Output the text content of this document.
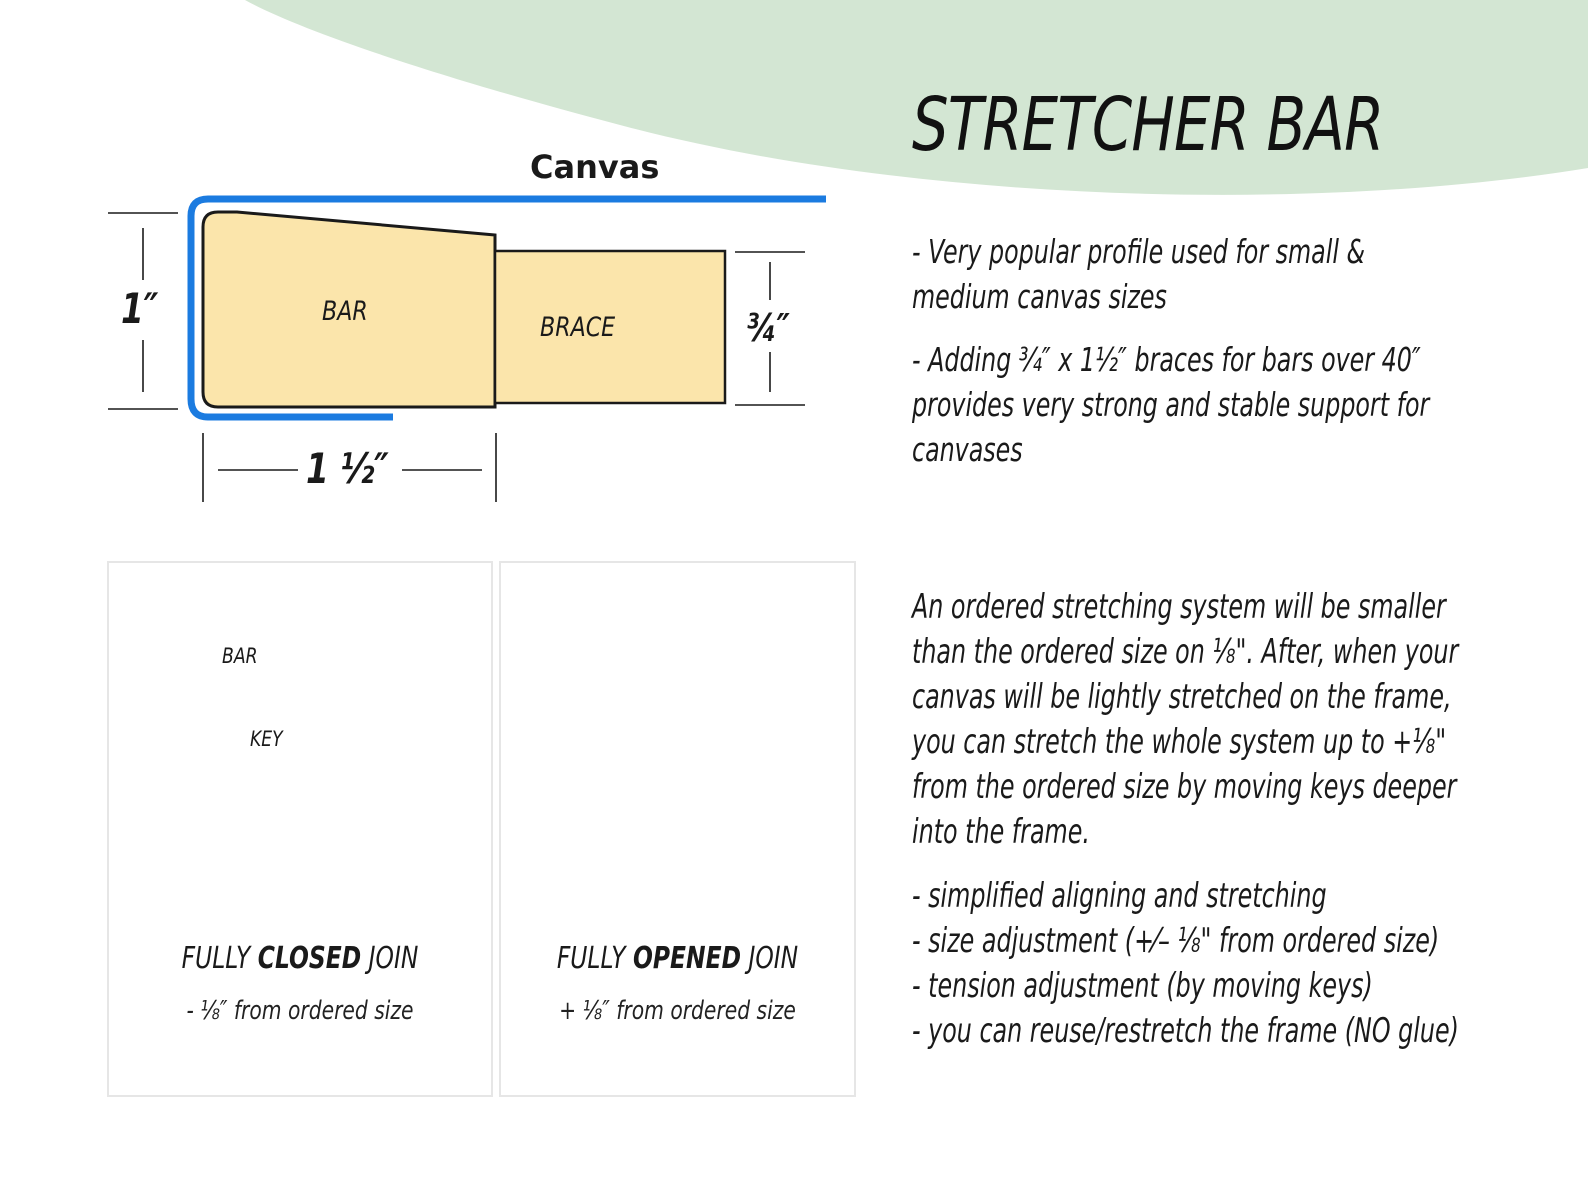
Canvas
BAR
BRACE
1″
1 ½″
¾″
STRETCHER BAR
- Very popular profile used for small &
medium canvas sizes
- Adding ¾″ x 1½″ braces for bars over 40″
provides very strong and stable support for
canvases
BAR
KEY
FULLY CLOSED JOIN
- ⅛″ from ordered size
FULLY OPENED JOIN
+ ⅛″ from ordered size
An ordered stretching system will be smaller
than the ordered size on ⅛". After, when your
canvas will be lightly stretched on the frame,
you can stretch the whole system up to +⅛"
from the ordered size by moving keys deeper
into the frame.
- simplified aligning and stretching
- size adjustment (+⁄– ⅛" from ordered size)
- tension adjustment (by moving keys)
- you can reuse/restretch the frame (NO glue)
